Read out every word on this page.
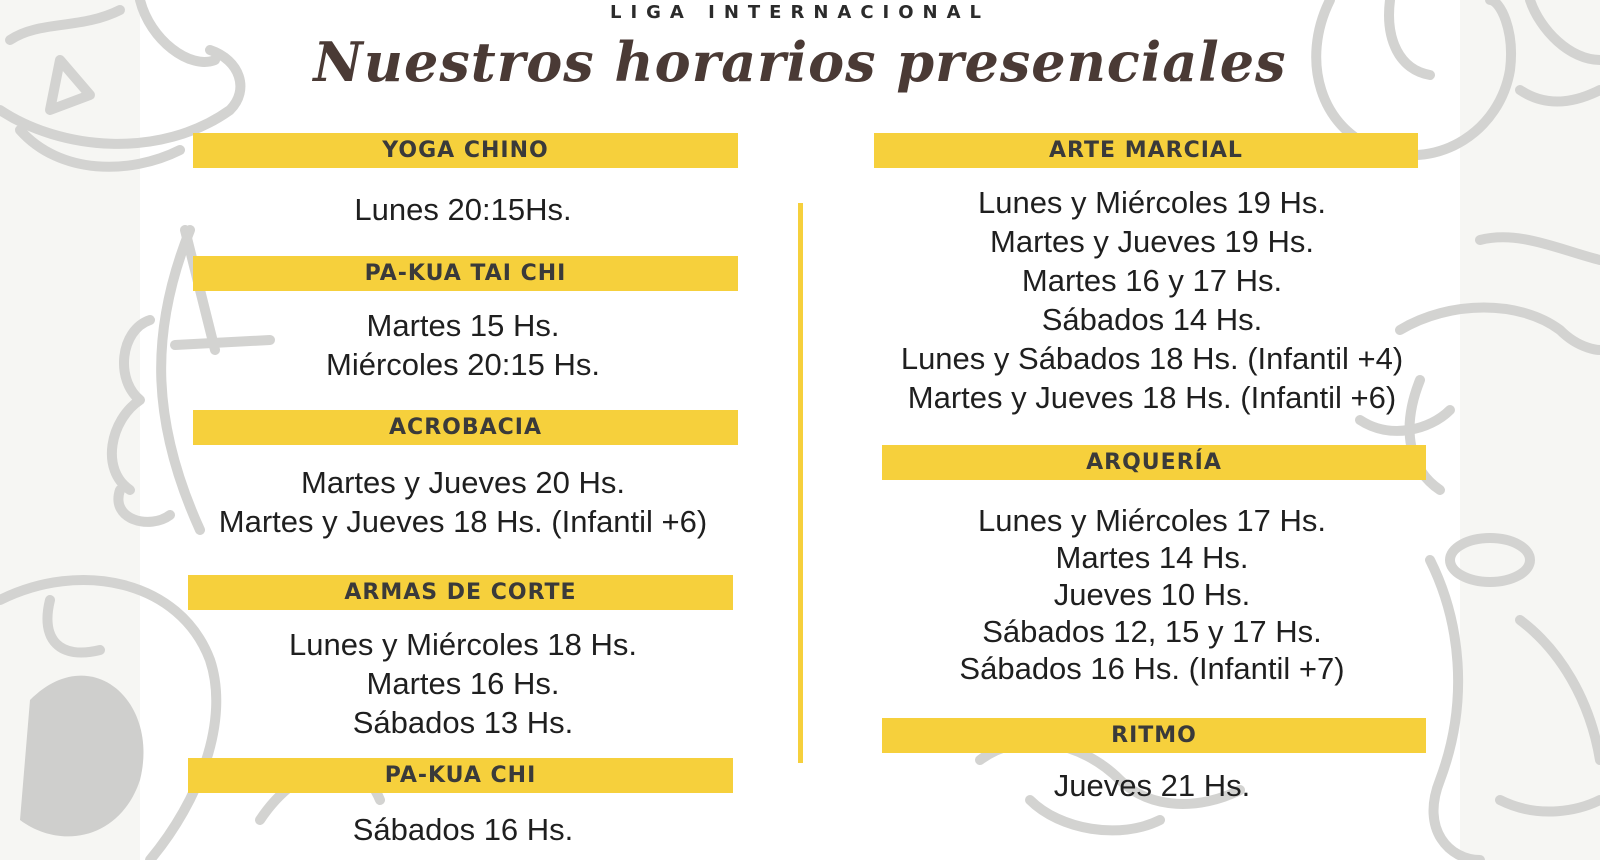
LIGA INTERNACIONAL
Nuestros horarios presenciales
YOGA CHINO
Lunes 20:15Hs.
PA-KUA TAI CHI
Martes 15 Hs.
Miércoles 20:15 Hs.
ACROBACIA
Martes y Jueves 20 Hs.
Martes y Jueves 18 Hs. (Infantil +6)
ARMAS DE CORTE
Lunes y Miércoles 18 Hs.
Martes 16 Hs.
Sábados 13 Hs.
PA-KUA CHI
Sábados 16 Hs.
ARTE MARCIAL
Lunes y Miércoles 19 Hs.
Martes y Jueves 19 Hs.
Martes 16 y 17 Hs.
Sábados 14 Hs.
Lunes y Sábados 18 Hs. (Infantil +4)
Martes y Jueves 18 Hs. (Infantil +6)
ARQUERÍA
Lunes y Miércoles 17 Hs.
Martes 14 Hs.
Jueves 10 Hs.
Sábados 12, 15 y 17 Hs.
Sábados 16 Hs. (Infantil +7)
RITMO
Jueves 21 Hs.
